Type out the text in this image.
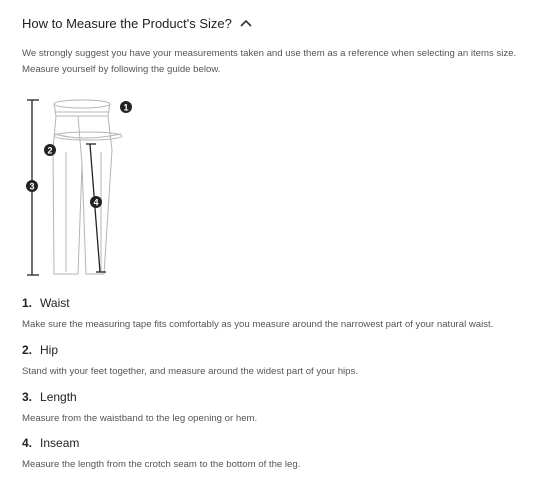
How to Measure the Product's Size?

We strongly suggest you have your measurements taken and use them as a reference when selecting an items size.

Measure yourself by following the guide below.

1
2
3
4
1. Waist
Make sure the measuring tape fits comfortably as you measure around the narrowest part of your natural waist.
2. Hip
Stand with your feet together, and measure around the widest part of your hips.
3. Length
Measure from the waistband to the leg opening or hem.
4. Inseam
Measure the length from the crotch seam to the bottom of the leg.
